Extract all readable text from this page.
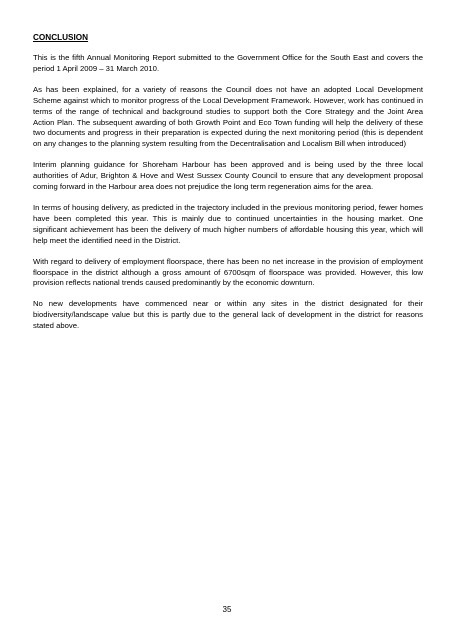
CONCLUSION

This is the fifth Annual Monitoring Report submitted to the Government Office for the South East and covers the period 1 April 2009 – 31 March 2010.

As has been explained, for a variety of reasons the Council does not have an adopted Local Development Scheme against which to monitor progress of the Local Development Framework. However, work has continued in terms of the range of technical and background studies to support both the Core Strategy and the Joint Area Action Plan. The subsequent awarding of both Growth Point and Eco Town funding will help the delivery of these two documents and progress in their preparation is expected during the next monitoring period (this is dependent on any changes to the planning system resulting from the Decentralisation and Localism Bill when introduced)

Interim planning guidance for Shoreham Harbour has been approved and is being used by the three local authorities of Adur, Brighton & Hove and West Sussex County Council to ensure that any development proposal coming forward in the Harbour area does not prejudice the long term regeneration aims for the area.

In terms of housing delivery, as predicted in the trajectory included in the previous monitoring period, fewer homes have been completed this year. This is mainly due to continued uncertainties in the housing market. One significant achievement has been the delivery of much higher numbers of affordable housing this year, which will help meet the identified need in the District.

With regard to delivery of employment floorspace, there has been no net increase in the provision of employment floorspace in the district although a gross amount of 6700sqm of floorspace was provided. However, this low provision reflects national trends caused predominantly by the economic downturn.

No new developments have commenced near or within any sites in the district designated for their biodiversity/landscape value but this is partly due to the general lack of development in the district for reasons stated above.

35
